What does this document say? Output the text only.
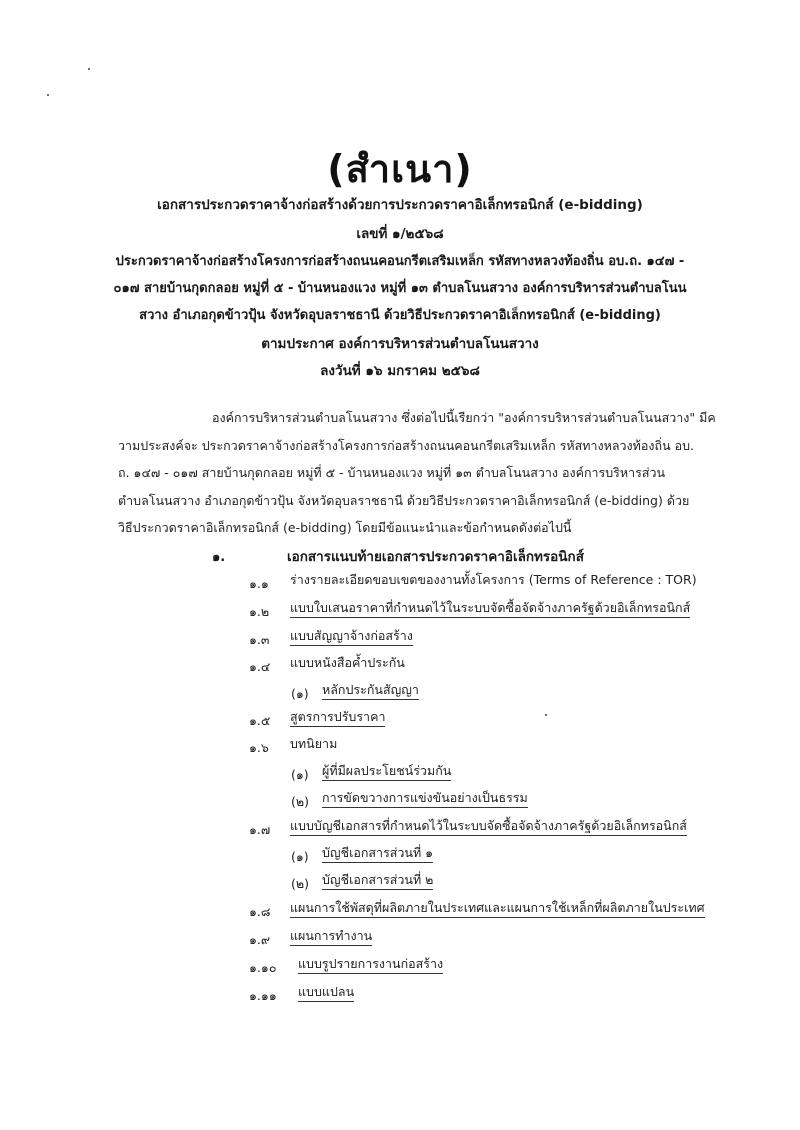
(สำเนา)
เอกสารประกวดราคาจ้างก่อสร้างด้วยการประกวดราคาอิเล็กทรอนิกส์ (e-bidding)
เลขที่ ๑/๒๕๖๘
ประกวดราคาจ้างก่อสร้างโครงการก่อสร้างถนนคอนกรีตเสริมเหล็ก รหัสทางหลวงท้องถิ่น อบ.ถ. ๑๔๗ -
๐๑๗ สายบ้านกุดกลอย หมู่ที่ ๕ - บ้านหนองแวง หมู่ที่ ๑๓ ตำบลโนนสวาง องค์การบริหารส่วนตำบลโนน
สวาง อำเภอกุดข้าวปุ้น จังหวัดอุบลราชธานี ด้วยวิธีประกวดราคาอิเล็กทรอนิกส์ (e-bidding)
ตามประกาศ องค์การบริหารส่วนตำบลโนนสวาง
ลงวันที่ ๑๖ มกราคม ๒๕๖๘
องค์การบริหารส่วนตำบลโนนสวาง ซึ่งต่อไปนี้เรียกว่า "องค์การบริหารส่วนตำบลโนนสวาง" มีค
วามประสงค์จะ ประกวดราคาจ้างก่อสร้างโครงการก่อสร้างถนนคอนกรีตเสริมเหล็ก รหัสทางหลวงท้องถิ่น อบ.
ถ. ๑๔๗ - ๐๑๗ สายบ้านกุดกลอย หมู่ที่ ๕ - บ้านหนองแวง หมู่ที่ ๑๓ ตำบลโนนสวาง องค์การบริหารส่วน
ตำบลโนนสวาง อำเภอกุดข้าวปุ้น จังหวัดอุบลราชธานี ด้วยวิธีประกวดราคาอิเล็กทรอนิกส์ (e-bidding) ด้วย
วิธีประกวดราคาอิเล็กทรอนิกส์ (e-bidding) โดยมีข้อแนะนำและข้อกำหนดดังต่อไปนี้
๑.	เอกสารแนบท้ายเอกสารประกวดราคาอิเล็กทรอนิกส์
๑.๑ ร่างรายละเอียดขอบเขตของงานทั้งโครงการ (Terms of Reference : TOR)
๑.๒ แบบใบเสนอราคาที่กำหนดไว้ในระบบจัดซื้อจัดจ้างภาครัฐด้วยอิเล็กทรอนิกส์
๑.๓ แบบสัญญาจ้างก่อสร้าง
๑.๔ แบบหนังสือค้ำประกัน
(๑) หลักประกันสัญญา
๑.๕ สูตรการปรับราคา
๑.๖ บทนิยาม
(๑) ผู้ที่มีผลประโยชน์ร่วมกัน
(๒) การขัดขวางการแข่งขันอย่างเป็นธรรม
๑.๗ แบบบัญชีเอกสารที่กำหนดไว้ในระบบจัดซื้อจัดจ้างภาครัฐด้วยอิเล็กทรอนิกส์
(๑) บัญชีเอกสารส่วนที่ ๑
(๒) บัญชีเอกสารส่วนที่ ๒
๑.๘ แผนการใช้พัสดุที่ผลิตภายในประเทศและแผนการใช้เหล็กที่ผลิตภายในประเทศ
๑.๙ แผนการทำงาน
๑.๑๐ แบบรูปรายการงานก่อสร้าง
๑.๑๑ แบบแปลน
